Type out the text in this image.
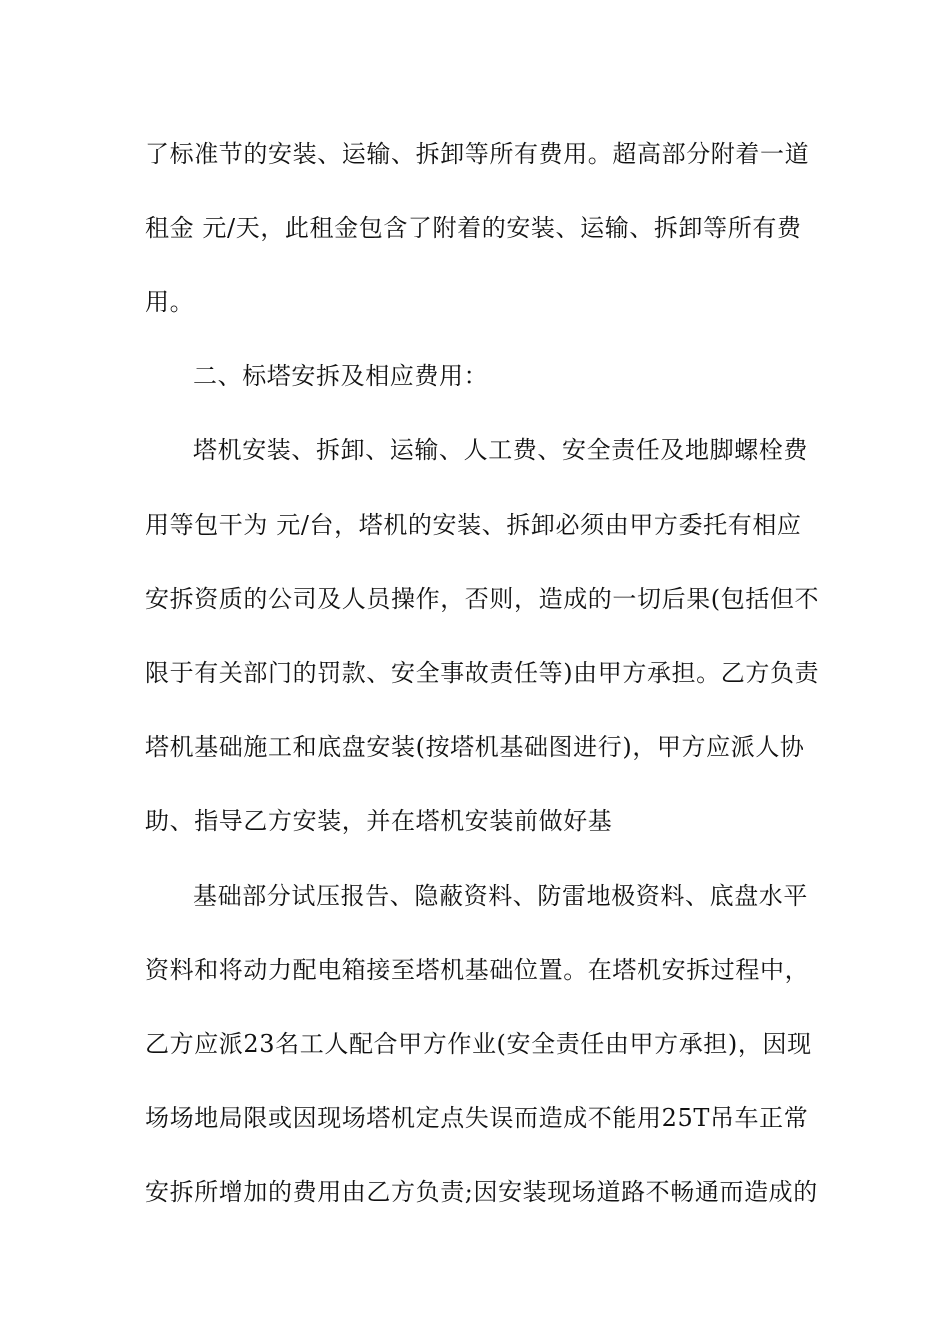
了标准节的安装、运输、拆卸等所有费用。超高部分附着一道
租金 元/天，此租金包含了附着的安装、运输、拆卸等所有费
用。
二、标塔安拆及相应费用：
塔机安装、拆卸、运输、人工费、安全责任及地脚螺栓费
用等包干为 元/台，塔机的安装、拆卸必须由甲方委托有相应
安拆资质的公司及人员操作，否则，造成的一切后果(包括但不
限于有关部门的罚款、安全事故责任等)由甲方承担。乙方负责
塔机基础施工和底盘安装(按塔机基础图进行)，甲方应派人协
助、指导乙方安装，并在塔机安装前做好基
基础部分试压报告、隐蔽资料、防雷地极资料、底盘水平
资料和将动力配电箱接至塔机基础位置。在塔机安拆过程中，
乙方应派23名工人配合甲方作业(安全责任由甲方承担)，因现
场场地局限或因现场塔机定点失误而造成不能用25T吊车正常
安拆所增加的费用由乙方负责;因安装现场道路不畅通而造成的
